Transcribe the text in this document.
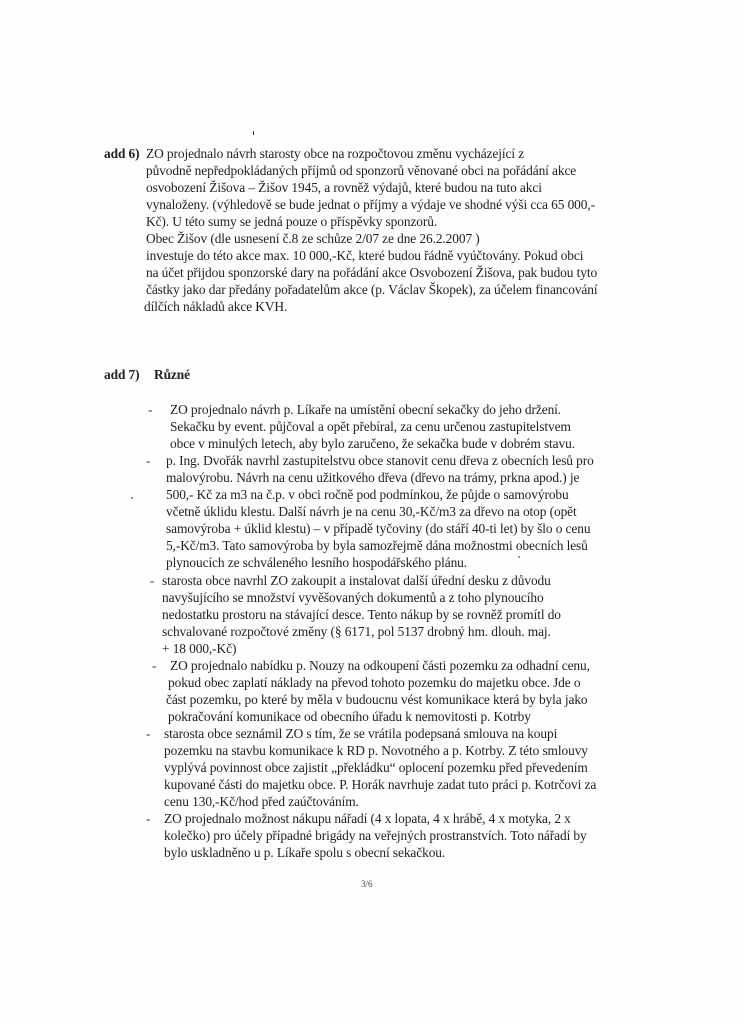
add 6) ZO projednalo návrh starosty obce na rozpočtovou změnu vycházející z
původně nepředpokládaných příjmů od sponzorů věnované obci na pořádání akce
osvobození Žišova – Žišov 1945, a rovněž výdajů, které budou na tuto akci
vynaloženy. (výhledově se bude jednat o příjmy a výdaje ve shodné výši cca 65 000,-
Kč). U této sumy se jedná pouze o příspěvky sponzorů.
Obec Žišov (dle usnesení č.8 ze schůze 2/07 ze dne 26.2.2007 )
investuje do této akce max. 10 000,-Kč, které budou řádně vyúčtovány. Pokud obci
na účet přijdou sponzorské dary na pořádání akce Osvobození Žišova, pak budou tyto
částky jako dar předány pořadatelům akce (p. Václav Škopek), za účelem financování
dílčích nákladů akce KVH.
add 7) Různé
- ZO projednalo návrh p. Líkaře na umístění obecní sekačky do jeho držení.
Sekačku by event. půjčoval a opět přebíral, za cenu určenou zastupitelstvem
obce v minulých letech, aby bylo zaručeno, že sekačka bude v dobrém stavu.
- p. Ing. Dvořák navrhl zastupitelstvu obce stanovit cenu dřeva z obecních lesů pro
malovýrobu. Návrh na cenu užitkového dřeva (dřevo na trámy, prkna apod.) je
500,- Kč za m3 na č.p. v obci ročně pod podmínkou, že půjde o samovýrobu
včetně úklidu klestu. Další návrh je na cenu 30,-Kč/m3 za dřevo na otop (opět
samovýroba + úklid klestu) – v případě tyčoviny (do stáří 40-ti let) by šlo o cenu
5,-Kč/m3. Tato samovýroba by byla samozřejmě dána možnostmi obecních lesů
plynoucích ze schváleného lesního hospodářského plánu.
- starosta obce navrhl ZO zakoupit a instalovat další úřední desku z důvodu
navyšujícího se množství vyvěšovaných dokumentů a z toho plynoucího
nedostatku prostoru na stávající desce. Tento nákup by se rovněž promítl do
schvalované rozpočtové změny (§ 6171, pol 5137 drobný hm. dlouh. maj.
+ 18 000,-Kč)
- ZO projednalo nabídku p. Nouzy na odkoupení části pozemku za odhadní cenu,
pokud obec zaplatí náklady na převod tohoto pozemku do majetku obce. Jde o
část pozemku, po které by měla v budoucnu vést komunikace která by byla jako
pokračování komunikace od obecního úřadu k nemovitosti p. Kotrby
- starosta obce seznámil ZO s tím, že se vrátila podepsaná smlouva na koupi
pozemku na stavbu komunikace k RD p. Novotného a p. Kotrby. Z této smlouvy
vyplývá povinnost obce zajistit „překládku“ oplocení pozemku před převedením
kupované části do majetku obce. P. Horák navrhuje zadat tuto práci p. Kotrčovi za
cenu 130,-Kč/hod před zaúčtováním.
- ZO projednalo možnost nákupu nářadí (4 x lopata, 4 x hrábě, 4 x motyka, 2 x
kolečko) pro účely případné brigády na veřejných prostranstvích. Toto nářadí by
bylo uskladněno u p. Líkaře spolu s obecní sekačkou.
3/6
